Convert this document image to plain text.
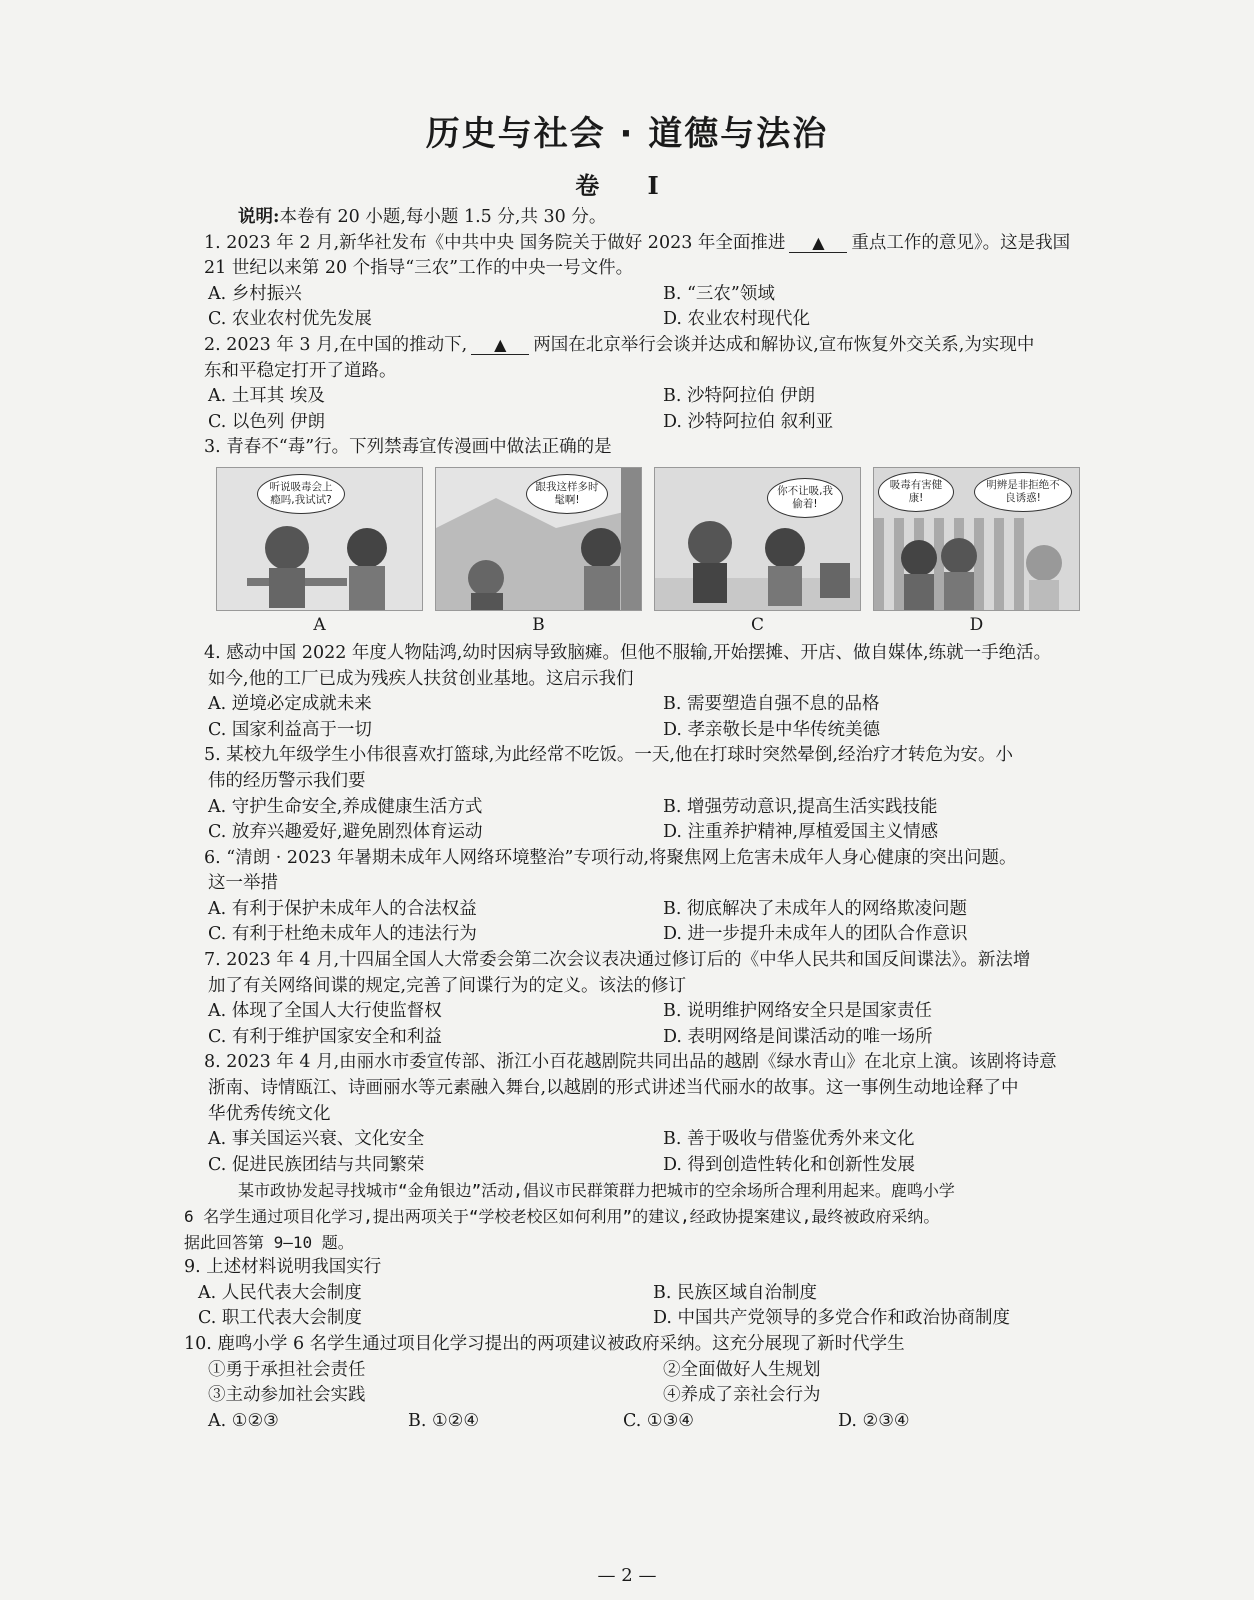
历史与社会 · 道德与法治
卷 I
说明:本卷有 20 小题,每小题 1.5 分,共 30 分。
1. 2023 年 2 月,新华社发布《中共中央 国务院关于做好 2023 年全面推进 ▲ 重点工作的意见》。这是我国
21 世纪以来第 20 个指导“三农”工作的中央一号文件。
A. 乡村振兴	B. “三农”领域
C. 农业农村优先发展	D. 农业农村现代化
2. 2023 年 3 月,在中国的推动下, ▲ 两国在北京举行会谈并达成和解协议,宣布恢复外交关系,为实现中
东和平稳定打开了道路。
A. 土耳其 埃及	B. 沙特阿拉伯 伊朗
C. 以色列 伊朗	D. 沙特阿拉伯 叙利亚
3. 青春不“毒”行。下列禁毒宣传漫画中做法正确的是
听说吸毒会上瘾吗,我试试?
A
跟我这样多时髦啊!
B
你不让吸,我偷着!
C
吸毒有害健康!
明辨是非拒绝不良诱惑!
D
4. 感动中国 2022 年度人物陆鸿,幼时因病导致脑瘫。但他不服输,开始摆摊、开店、做自媒体,练就一手绝活。
如今,他的工厂已成为残疾人扶贫创业基地。这启示我们
A. 逆境必定成就未来	B. 需要塑造自强不息的品格
C. 国家利益高于一切	D. 孝亲敬长是中华传统美德
5. 某校九年级学生小伟很喜欢打篮球,为此经常不吃饭。一天,他在打球时突然晕倒,经治疗才转危为安。小
伟的经历警示我们要
A. 守护生命安全,养成健康生活方式	B. 增强劳动意识,提高生活实践技能
C. 放弃兴趣爱好,避免剧烈体育运动	D. 注重养护精神,厚植爱国主义情感
6. “清朗 · 2023 年暑期未成年人网络环境整治”专项行动,将聚焦网上危害未成年人身心健康的突出问题。
这一举措
A. 有利于保护未成年人的合法权益	B. 彻底解决了未成年人的网络欺凌问题
C. 有利于杜绝未成年人的违法行为	D. 进一步提升未成年人的团队合作意识
7. 2023 年 4 月,十四届全国人大常委会第二次会议表决通过修订后的《中华人民共和国反间谍法》。新法增
加了有关网络间谍的规定,完善了间谍行为的定义。该法的修订
A. 体现了全国人大行使监督权	B. 说明维护网络安全只是国家责任
C. 有利于维护国家安全和利益	D. 表明网络是间谍活动的唯一场所
8. 2023 年 4 月,由丽水市委宣传部、浙江小百花越剧院共同出品的越剧《绿水青山》在北京上演。该剧将诗意
浙南、诗情瓯江、诗画丽水等元素融入舞台,以越剧的形式讲述当代丽水的故事。这一事例生动地诠释了中
华优秀传统文化
A. 事关国运兴衰、文化安全	B. 善于吸收与借鉴优秀外来文化
C. 促进民族团结与共同繁荣	D. 得到创造性转化和创新性发展
某市政协发起寻找城市“金角银边”活动,倡议市民群策群力把城市的空余场所合理利用起来。鹿鸣小学
6 名学生通过项目化学习,提出两项关于“学校老校区如何利用”的建议,经政协提案建议,最终被政府采纳。
据此回答第 9—10 题。
9. 上述材料说明我国实行
A. 人民代表大会制度	B. 民族区域自治制度
C. 职工代表大会制度	D. 中国共产党领导的多党合作和政治协商制度
10. 鹿鸣小学 6 名学生通过项目化学习提出的两项建议被政府采纳。这充分展现了新时代学生
①勇于承担社会责任	②全面做好人生规划
③主动参加社会实践	④养成了亲社会行为
A. ①②③	B. ①②④	C. ①③④	D. ②③④
— 2 —
